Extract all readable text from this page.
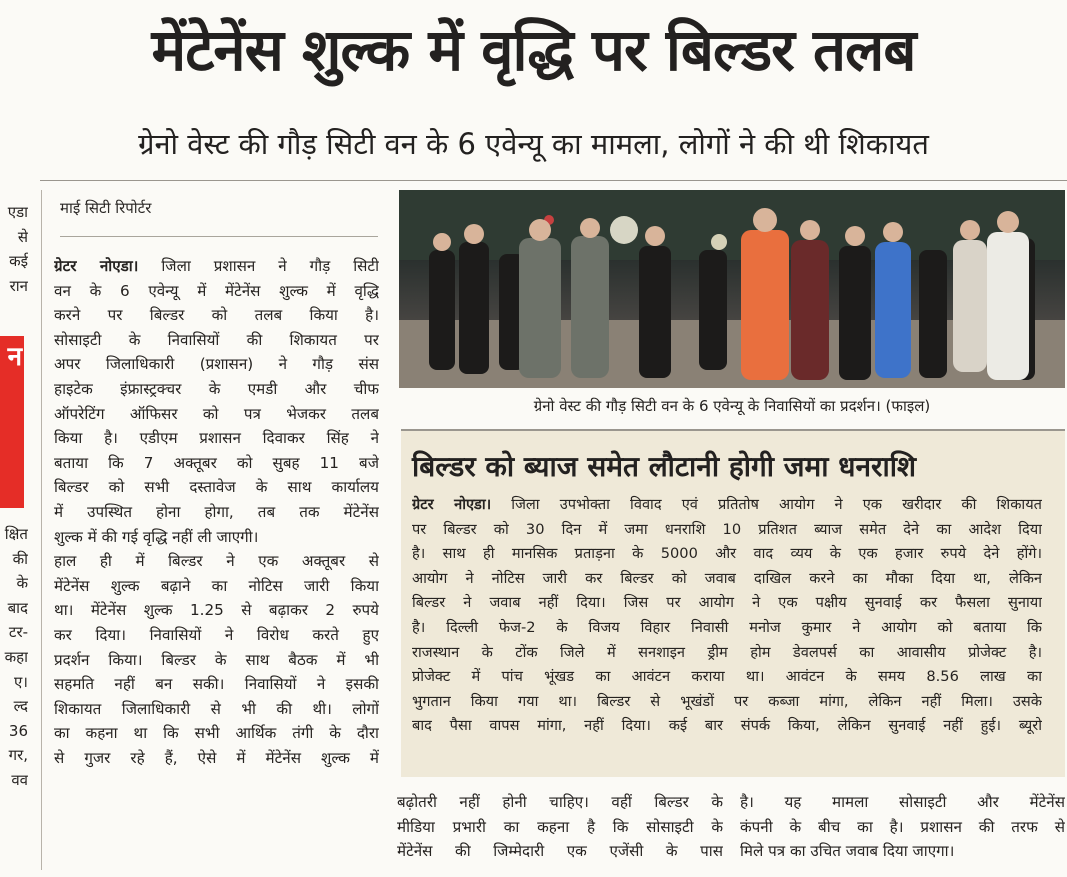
मेंटेनेंस शुल्क में वृद्धि पर बिल्डर तलब
ग्रेनो वेस्ट की गौड़ सिटी वन के 6 एवेन्यू का मामला, लोगों ने की थी शिकायत
एडा
से
कई
रान
न
क्षित
की
के
बाद
टर-
कहा
ए।
ल्द
36
गर,
वव
माई सिटी रिपोर्टर
ग्रेटर नोएडा। जिला प्रशासन ने गौड़ सिटी
वन के 6 एवेन्यू में मेंटेनेंस शुल्क में वृद्धि
करने पर बिल्डर को तलब किया है।
सोसाइटी के निवासियों की शिकायत पर
अपर जिलाधिकारी (प्रशासन) ने गौड़ संस
हाइटेक इंफ्रास्ट्रक्चर के एमडी और चीफ
ऑपरेटिंग ऑफिसर को पत्र भेजकर तलब
किया है। एडीएम प्रशासन दिवाकर सिंह ने
बताया कि 7 अक्तूबर को सुबह 11 बजे
बिल्डर को सभी दस्तावेज के साथ कार्यालय
में उपस्थित होना होगा, तब तक मेंटेनेंस
शुल्क में की गई वृद्धि नहीं ली जाएगी।
हाल ही में बिल्डर ने एक अक्तूबर से
मेंटेनेंस शुल्क बढ़ाने का नोटिस जारी किया
था। मेंटेनेंस शुल्क 1.25 से बढ़ाकर 2 रुपये
कर दिया। निवासियों ने विरोध करते हुए
प्रदर्शन किया। बिल्डर के साथ बैठक में भी
सहमति नहीं बन सकी। निवासियों ने इसकी
शिकायत जिलाधिकारी से भी की थी। लोगों
का कहना था कि सभी आर्थिक तंगी के दौरा
से गुजर रहे हैं, ऐसे में मेंटेनेंस शुल्क में
ग्रेनो वेस्ट की गौड़ सिटी वन के 6 एवेन्यू के निवासियों का प्रदर्शन। (फाइल)
बिल्डर को ब्याज समेत लौटानी होगी जमा धनराशि
ग्रेटर नोएडा। जिला उपभोक्ता विवाद एवं प्रतितोष आयोग ने एक खरीदार की शिकायत
पर बिल्डर को 30 दिन में जमा धनराशि 10 प्रतिशत ब्याज समेत देने का आदेश दिया
है। साथ ही मानसिक प्रताड़ना के 5000 और वाद व्यय के एक हजार रुपये देने होंगे।
आयोग ने नोटिस जारी कर बिल्डर को जवाब दाखिल करने का मौका दिया था, लेकिन
बिल्डर ने जवाब नहीं दिया। जिस पर आयोग ने एक पक्षीय सुनवाई कर फैसला सुनाया
है। दिल्ली फेज-2 के विजय विहार निवासी मनोज कुमार ने आयोग को बताया कि
राजस्थान के टोंक जिले में सनशाइन ड्रीम होम डेवलपर्स का आवासीय प्रोजेक्ट है।
प्रोजेक्ट में पांच भूंखड का आवंटन कराया था। आवंटन के समय 8.56 लाख का
भुगतान किया गया था। बिल्डर से भूखंडों पर कब्जा मांगा, लेकिन नहीं मिला। उसके
बाद पैसा वापस मांगा, नहीं दिया। कई बार संपर्क किया, लेकिन सुनवाई नहीं हुई। ब्यूरो
बढ़ोतरी नहीं होनी चाहिए। वहीं बिल्डर के
मीडिया प्रभारी का कहना है कि सोसाइटी के
मेंटेनेंस की जिम्मेदारी एक एजेंसी के पास
है। यह मामला सोसाइटी और मेंटेनेंस
कंपनी के बीच का है। प्रशासन की तरफ से
मिले पत्र का उचित जवाब दिया जाएगा।
